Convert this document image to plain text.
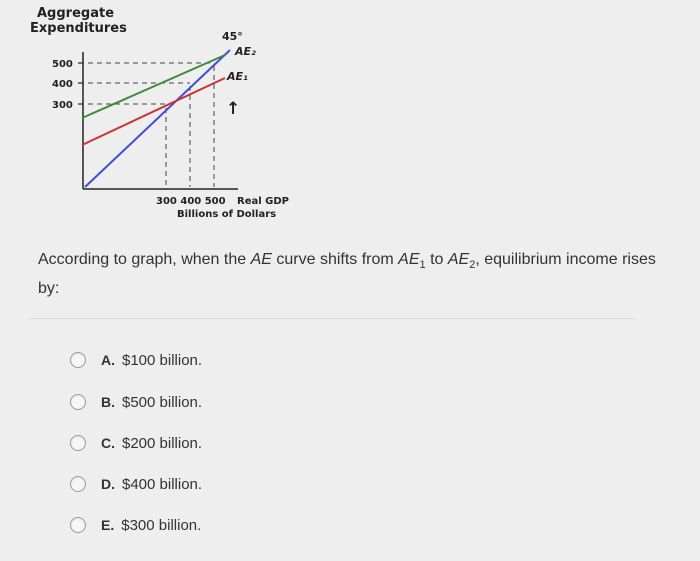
Aggregate
Expenditures
500
400
300
45°
AE₂
AE₁
↑
300 400 500 Real GDP
Billions of Dollars
According to graph, when the AE curve shifts from $AE_1$ to $AE_2$, equilibrium income rises by:
A. $100 billion.
B. $500 billion.
C. $200 billion.
D. $400 billion.
E. $300 billion.
